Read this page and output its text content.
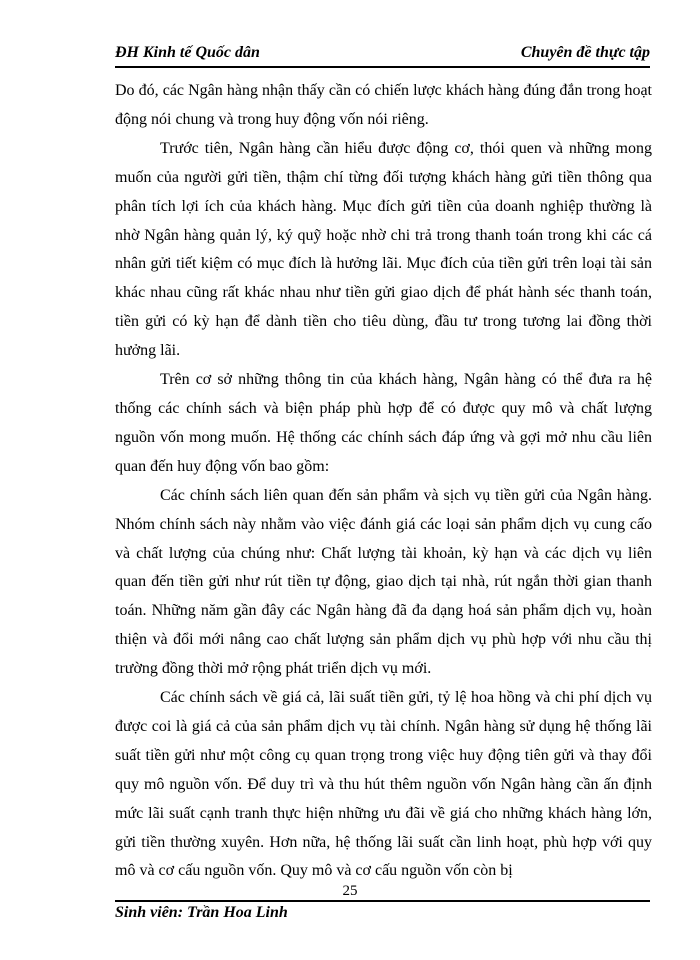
ĐH Kinh tế Quốc dân	Chuyên đề thực tập

Do đó, các Ngân hàng nhận thấy cần có chiến lược khách hàng đúng đắn trong hoạt động nói chung và trong huy động vốn nói riêng.

Trước tiên, Ngân hàng cần hiểu được động cơ, thói quen và những mong muốn của người gửi tiền, thậm chí từng đối tượng khách hàng gửi tiền thông qua phân tích lợi ích của khách hàng. Mục đích gửi tiền của doanh nghiệp thường là nhờ Ngân hàng quản lý, ký quỹ hoặc nhờ chi trả trong thanh toán trong khi các cá nhân gửi tiết kiệm có mục đích là hưởng lãi. Mục đích của tiền gửi trên loại tài sản khác nhau cũng rất khác nhau như tiền gửi giao dịch để phát hành séc thanh toán, tiền gửi có kỳ hạn để dành tiền cho tiêu dùng, đầu tư trong tương lai đồng thời hưởng lãi.

Trên cơ sở những thông tin của khách hàng, Ngân hàng có thể đưa ra hệ thống các chính sách và biện pháp phù hợp để có được quy mô và chất lượng nguồn vốn mong muốn. Hệ thống các chính sách đáp ứng và gợi mở nhu cầu liên quan đến huy động vốn bao gồm:

Các chính sách liên quan đến sản phẩm và sịch vụ tiền gửi của Ngân hàng. Nhóm chính sách này nhằm vào việc đánh giá các loại sản phẩm dịch vụ cung cấo và chất lượng của chúng như: Chất lượng tài khoản, kỳ hạn và các dịch vụ liên quan đến tiền gửi như rút tiền tự động, giao dịch tại nhà, rút ngắn thời gian thanh toán. Những năm gần đây các Ngân hàng đã đa dạng hoá sản phẩm dịch vụ, hoàn thiện và đổi mới nâng cao chất lượng sản phẩm dịch vụ phù hợp với nhu cầu thị trường đồng thời mở rộng phát triển dịch vụ mới.

Các chính sách về giá cả, lãi suất tiền gửi, tỷ lệ hoa hồng và chi phí dịch vụ được coi là giá cả của sản phẩm dịch vụ tài chính. Ngân hàng sử dụng hệ thống lãi suất tiền gửi như một công cụ quan trọng trong việc huy động tiên gửi và thay đổi quy mô nguồn vốn. Để duy trì và thu hút thêm nguồn vốn Ngân hàng cần ấn định mức lãi suất cạnh tranh thực hiện những ưu đãi về giá cho những khách hàng lớn, gửi tiền thường xuyên. Hơn nữa, hệ thống lãi suất cần linh hoạt, phù hợp với quy mô và cơ cấu nguồn vốn. Quy mô và cơ cấu nguồn vốn còn bị

25
Sinh viên: Trần Hoa Linh
